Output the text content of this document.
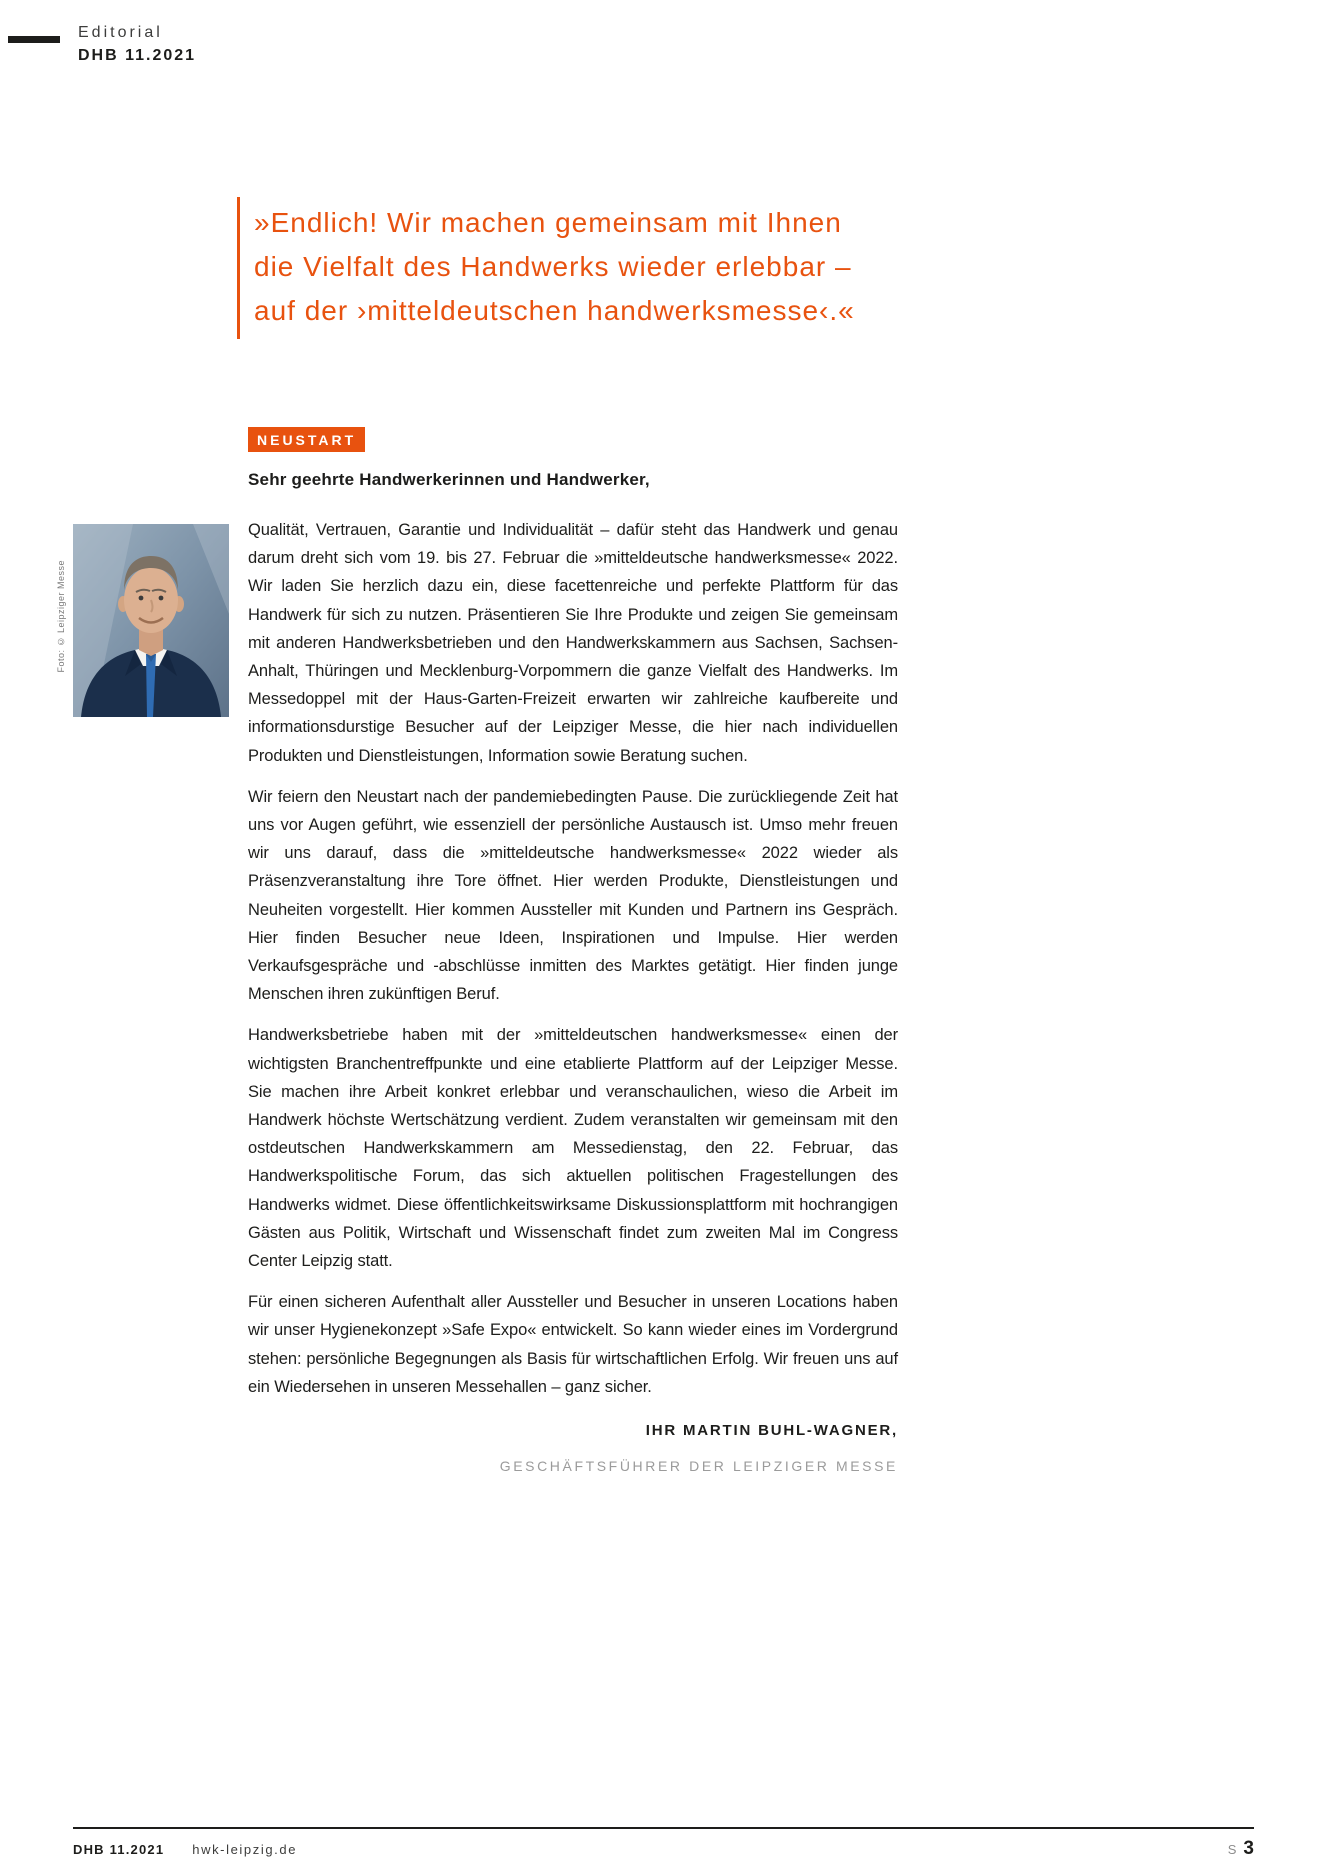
Editorial
DHB 11.2021
»Endlich! Wir machen gemeinsam mit Ihnen
die Vielfalt des Handwerks wieder erlebbar –
auf der ›mitteldeutschen handwerksmesse‹.«
NEUSTART
Sehr geehrte Handwerkerinnen und Handwerker,
Foto: © Leipziger Messe

Qualität, Vertrauen, Garantie und Individualität – dafür steht das Handwerk und genau darum dreht sich vom 19. bis 27. Februar die »mitteldeutsche handwerksmesse« 2022. Wir laden Sie herzlich dazu ein, diese facettenreiche und perfekte Plattform für das Handwerk für sich zu nutzen. Präsentieren Sie Ihre Produkte und zeigen Sie gemeinsam mit anderen Handwerksbetrieben und den Handwerkskammern aus Sachsen, Sachsen-Anhalt, Thüringen und Mecklenburg-Vorpommern die ganze Vielfalt des Handwerks. Im Messedoppel mit der Haus-Garten-Freizeit erwarten wir zahlreiche kaufbereite und informationsdurstige Besucher auf der Leipziger Messe, die hier nach individuellen Produkten und Dienstleistungen, Information sowie Beratung suchen.

Wir feiern den Neustart nach der pandemiebedingten Pause. Die zurückliegende Zeit hat uns vor Augen geführt, wie essenziell der persönliche Austausch ist. Umso mehr freuen wir uns darauf, dass die »mitteldeutsche handwerksmesse« 2022 wieder als Präsenzveranstaltung ihre Tore öffnet. Hier werden Produkte, Dienstleistungen und Neuheiten vorgestellt. Hier kommen Aussteller mit Kunden und Partnern ins Gespräch. Hier finden Besucher neue Ideen, Inspirationen und Impulse. Hier werden Verkaufsgespräche und -abschlüsse inmitten des Marktes getätigt. Hier finden junge Menschen ihren zukünftigen Beruf.

Handwerksbetriebe haben mit der »mitteldeutschen handwerksmesse« einen der wichtigsten Branchentreffpunkte und eine etablierte Plattform auf der Leipziger Messe. Sie machen ihre Arbeit konkret erlebbar und veranschaulichen, wieso die Arbeit im Handwerk höchste Wertschätzung verdient. Zudem veranstalten wir gemeinsam mit den ostdeutschen Handwerkskammern am Messedienstag, den 22. Februar, das Handwerkspolitische Forum, das sich aktuellen politischen Fragestellungen des Handwerks widmet. Diese öffentlichkeitswirksame Diskussionsplattform mit hochrangigen Gästen aus Politik, Wirtschaft und Wissenschaft findet zum zweiten Mal im Congress Center Leipzig statt.

Für einen sicheren Aufenthalt aller Aussteller und Besucher in unseren Locations haben wir unser Hygienekonzept »Safe Expo« entwickelt. So kann wieder eines im Vordergrund stehen: persönliche Begegnungen als Basis für wirtschaftlichen Erfolg. Wir freuen uns auf ein Wiedersehen in unseren Messehallen – ganz sicher.

IHR MARTIN BUHL-WAGNER,
GESCHÄFTSFÜHRER DER LEIPZIGER MESSE
DHB 11.2021 hwk-leipzig.de	S 3
